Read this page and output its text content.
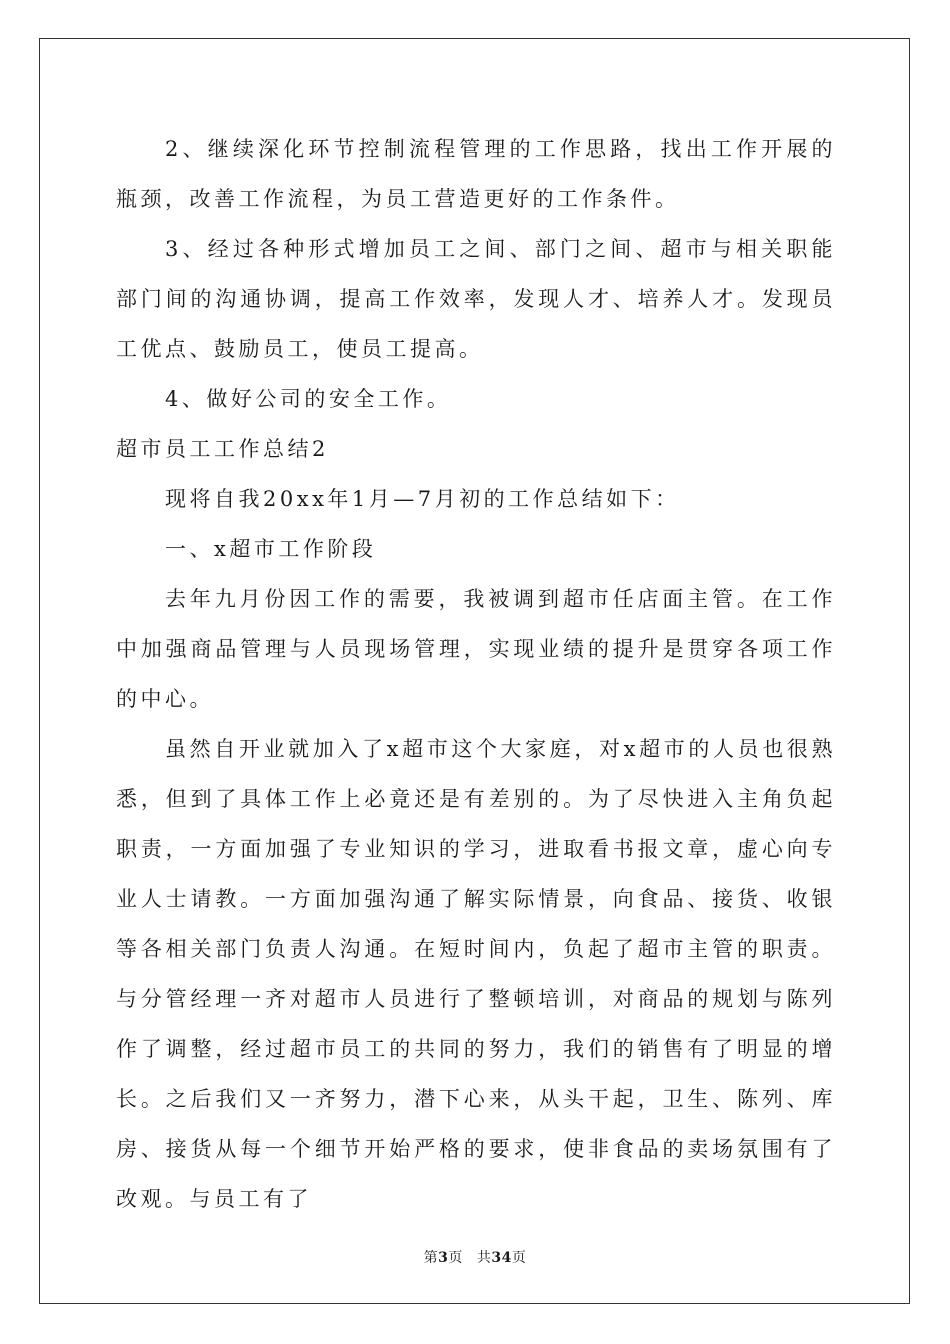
2、继续深化环节控制流程管理的工作思路，找出工作开展的瓶颈，改善工作流程，为员工营造更好的工作条件。

3、经过各种形式增加员工之间、部门之间、超市与相关职能部门间的沟通协调，提高工作效率，发现人才、培养人才。发现员工优点、鼓励员工，使员工提高。

4、做好公司的安全工作。

超市员工工作总结2

现将自我20xx年1月—7月初的工作总结如下：

一、x超市工作阶段

去年九月份因工作的需要，我被调到超市任店面主管。在工作中加强商品管理与人员现场管理，实现业绩的提升是贯穿各项工作的中心。

虽然自开业就加入了x超市这个大家庭，对x超市的人员也很熟悉，但到了具体工作上必竟还是有差别的。为了尽快进入主角负起职责，一方面加强了专业知识的学习，进取看书报文章，虚心向专业人士请教。一方面加强沟通了解实际情景，向食品、接货、收银等各相关部门负责人沟通。在短时间内，负起了超市主管的职责。与分管经理一齐对超市人员进行了整顿培训，对商品的规划与陈列作了调整，经过超市员工的共同的努力，我们的销售有了明显的增长。之后我们又一齐努力，潜下心来，从头干起，卫生、陈列、库房、接货从每一个细节开始严格的要求，使非食品的卖场氛围有了改观。与员工有了

第3页 共34页
